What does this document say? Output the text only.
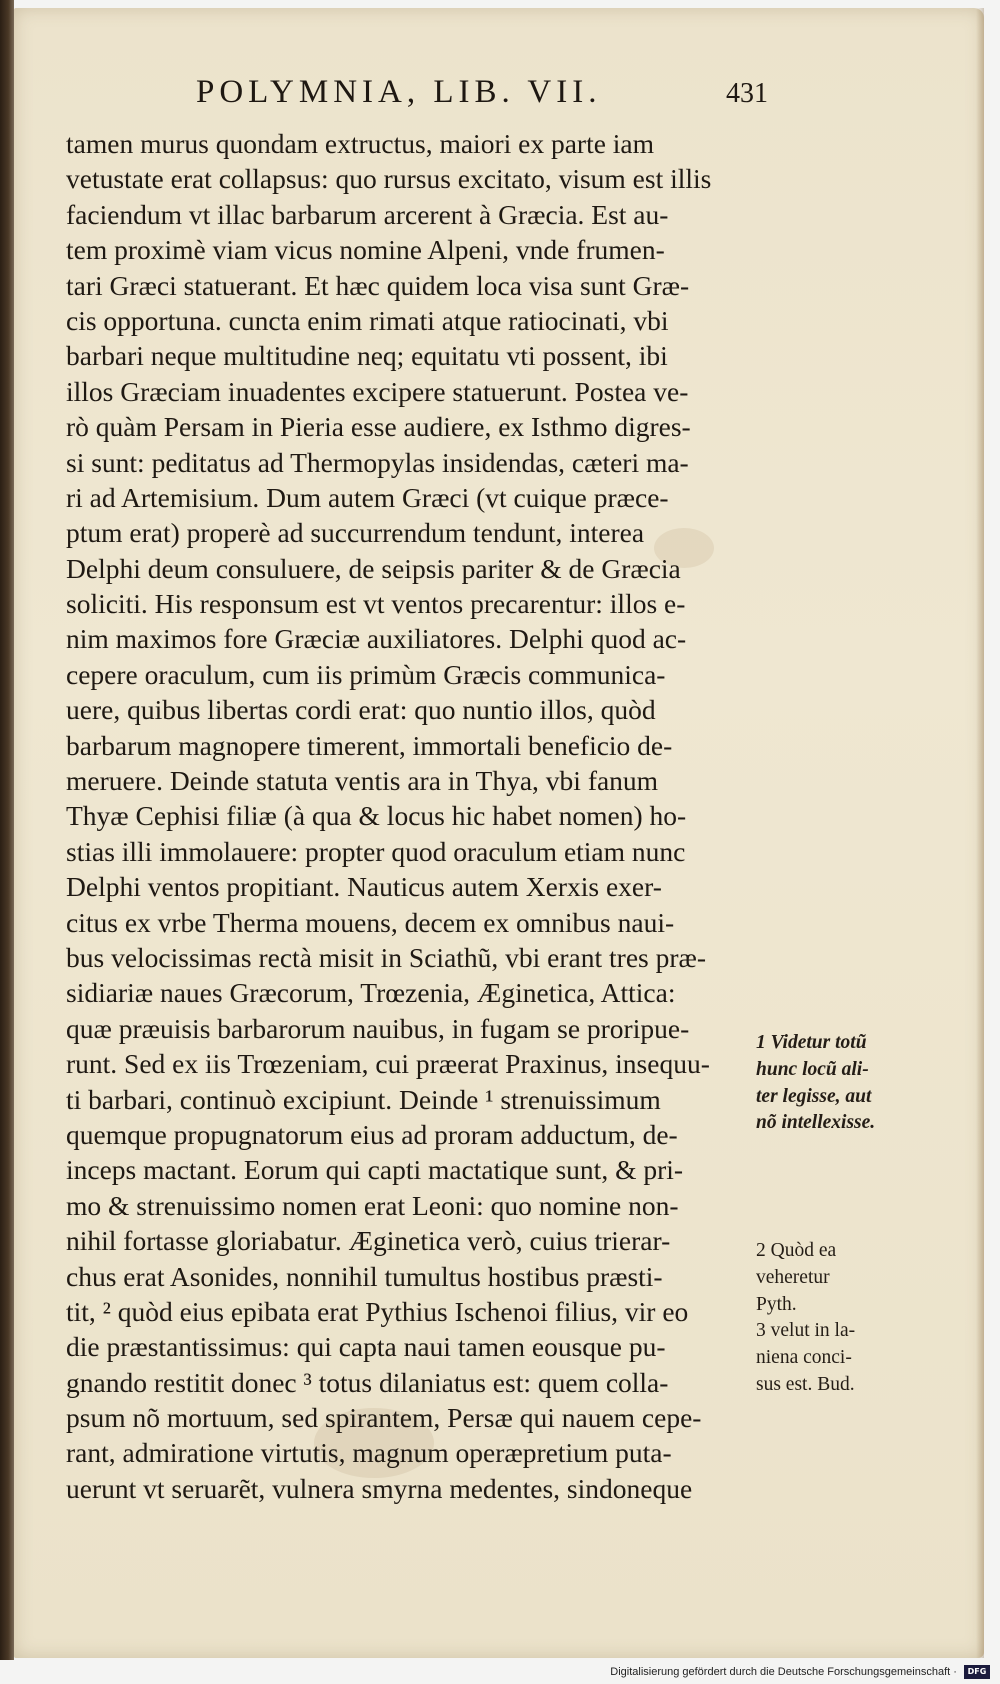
POLYMNIA, LIB. VII.	431
tamen murus quondam extructus, maiori ex parte iam
vetustate erat collapsus: quo rursus excitato, visum est illis
faciendum vt illac barbarum arcerent à Græcia. Est au-
tem proximè viam vicus nomine Alpeni, vnde frumen-
tari Græci statuerant. Et hæc quidem loca visa sunt Græ-
cis opportuna. cuncta enim rimati atque ratiocinati, vbi
barbari neque multitudine neq; equitatu vti possent, ibi
illos Græciam inuadentes excipere statuerunt. Postea ve-
rò quàm Persam in Pieria esse audiere, ex Isthmo digres-
si sunt: peditatus ad Thermopylas insidendas, cæteri ma-
ri ad Artemisium. Dum autem Græci (vt cuique præce-
ptum erat) properè ad succurrendum tendunt, interea
Delphi deum consuluere, de seipsis pariter & de Græcia
soliciti. His responsum est vt ventos precarentur: illos e-
nim maximos fore Græciæ auxiliatores. Delphi quod ac-
cepere oraculum, cum iis primùm Græcis communica-
uere, quibus libertas cordi erat: quo nuntio illos, quòd
barbarum magnopere timerent, immortali beneficio de-
meruere. Deinde statuta ventis ara in Thya, vbi fanum
Thyæ Cephisi filiæ (à qua & locus hic habet nomen) ho-
stias illi immolauere: propter quod oraculum etiam nunc
Delphi ventos propitiant. Nauticus autem Xerxis exer-
citus ex vrbe Therma mouens, decem ex omnibus naui-
bus velocissimas rectà misit in Sciathũ, vbi erant tres præ-
sidiariæ naues Græcorum, Trœzenia, Æginetica, Attica:
quæ præuisis barbarorum nauibus, in fugam se proripue-
runt. Sed ex iis Trœzeniam, cui præerat Praxinus, insequu-
ti barbari, continuò excipiunt. Deinde ¹ strenuissimum
quemque propugnatorum eius ad proram adductum, de-
inceps mactant. Eorum qui capti mactatique sunt, & pri-
mo & strenuissimo nomen erat Leoni: quo nomine non-
nihil fortasse gloriabatur. Æginetica verò, cuius trierar-
chus erat Asonides, nonnihil tumultus hostibus præsti-
tit, ² quòd eius epibata erat Pythius Ischenoi filius, vir eo
die præstantissimus: qui capta naui tamen eousque pu-
gnando restitit donec ³ totus dilaniatus est: quem colla-
psum nõ mortuum, sed spirantem, Persæ qui nauem cepe-
rant, admiratione virtutis, magnum operæpretium puta-
uerunt vt seruarẽt, vulnera smyrna medentes, sindoneque
1 Videtur totũ
hunc locũ ali-
ter legisse, aut
nõ intellexisse.
2 Quòd ea
veheretur
Pyth.
3 velut in la-
niena conci-
sus est. Bud.
Digitalisierung gefördert durch die Deutsche Forschungsgemeinschaft · DFG
